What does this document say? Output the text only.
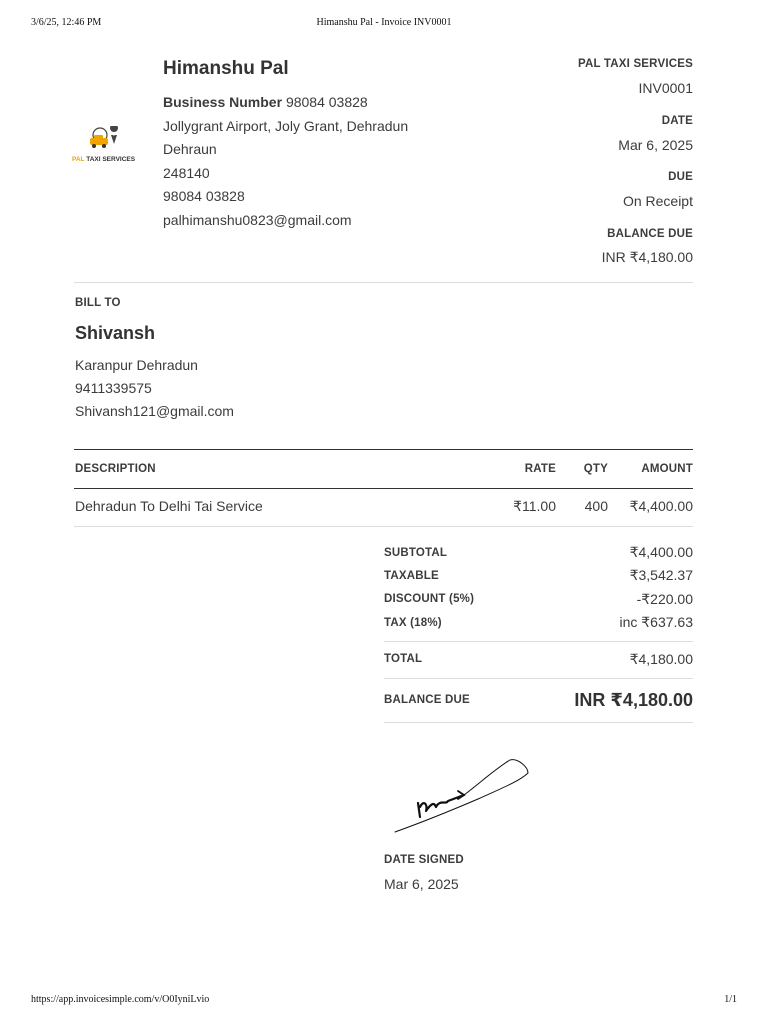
3/6/25, 12:46 PM	Himanshu Pal - Invoice INV0001
PAL TAXI SERVICES
Himanshu Pal
Business Number 98084 03828
Jollygrant Airport, Joly Grant, Dehradun
Dehraun
248140
98084 03828
palhimanshu0823@gmail.com
PAL TAXI SERVICES
INV0001
DATE
Mar 6, 2025
DUE
On Receipt
BALANCE DUE
INR ₹4,180.00
BILL TO
Shivansh
Karanpur Dehradun
9411339575
Shivansh121@gmail.com
DESCRIPTION	RATE QTY	AMOUNT
Dehradun To Delhi Tai Service	₹11.00 400 ₹4,400.00
SUBTOTAL	₹4,400.00
TAXABLE	₹3,542.37
DISCOUNT (5%)	-₹220.00
TAX (18%)	inc ₹637.63
TOTAL	₹4,180.00
BALANCE DUE	INR ₹4,180.00
DATE SIGNED
Mar 6, 2025
https://app.invoicesimple.com/v/O0IyniLvio	1/1
